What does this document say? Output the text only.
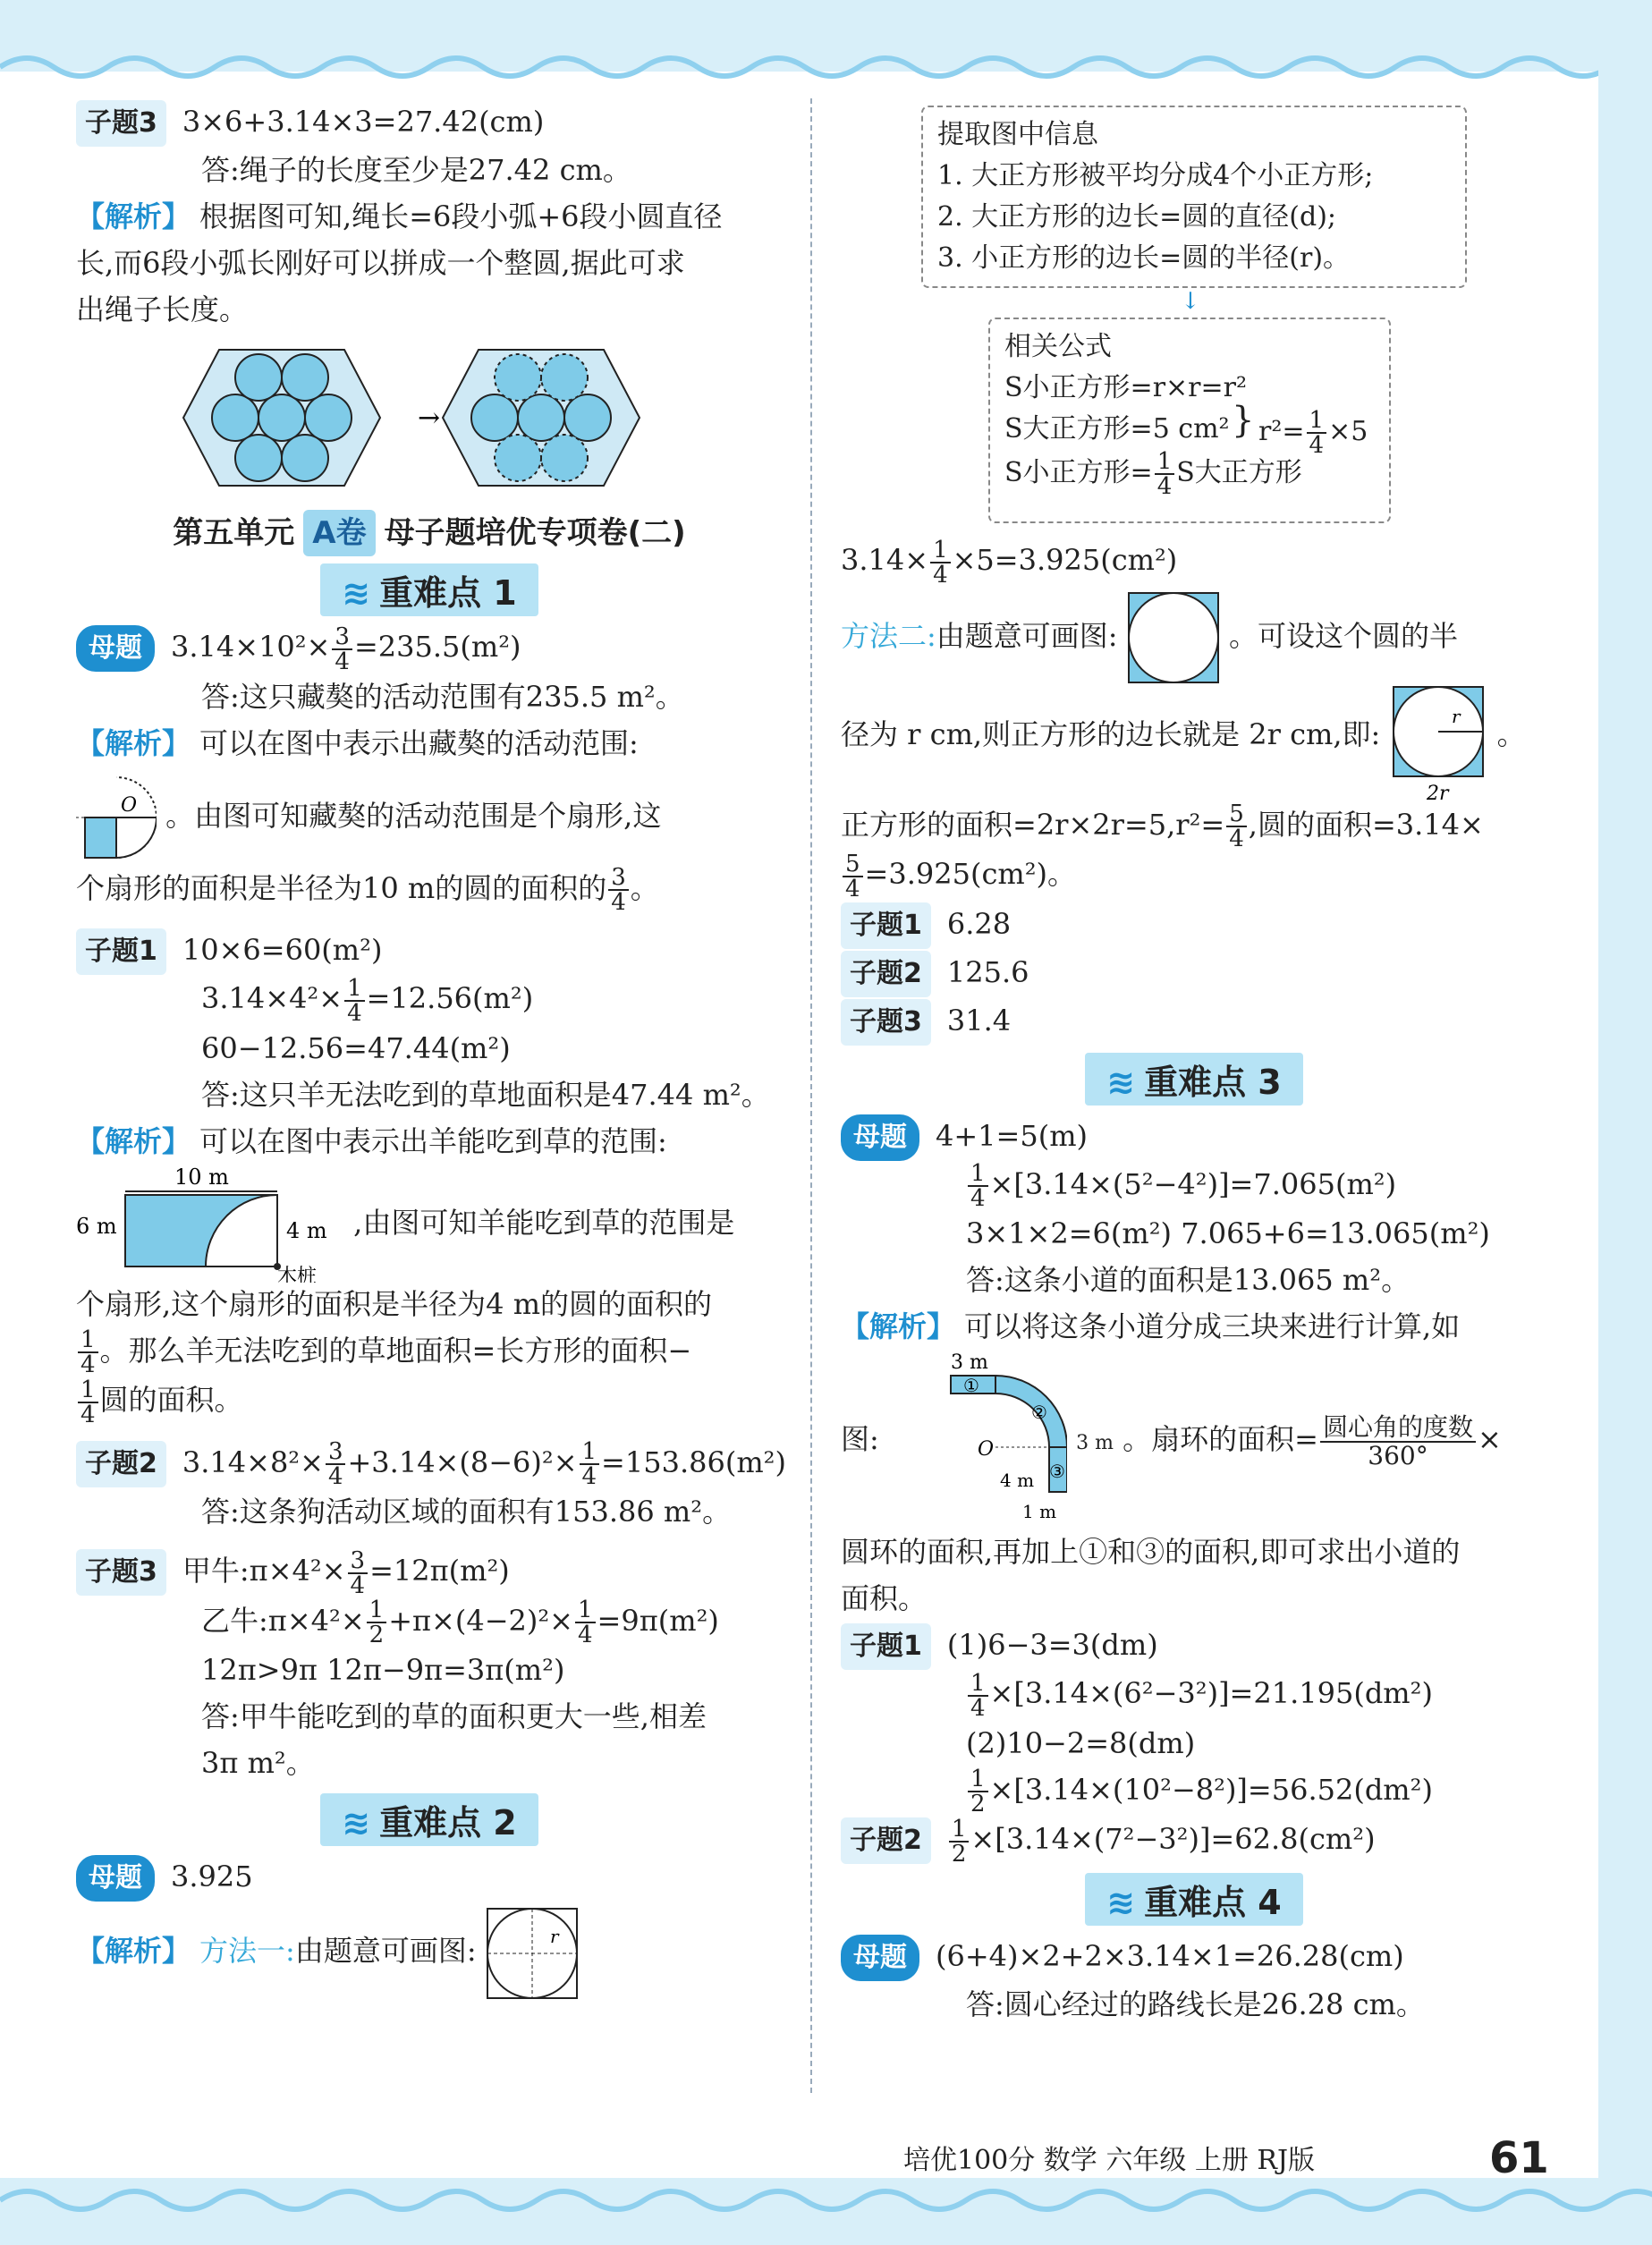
子题3 3×6+3.14×3=27.42(cm)
答:绳子的长度至少是27.42 cm。
【解析】 根据图可知,绳长=6段小弧+6段小圆直径
长,而6段小弧长刚好可以拼成一个整圆,据此可求
出绳子长度。
→
第五单元 A卷 母子题培优专项卷(二)
≋ 重难点 1
母题 $3.14\times 10^2\times \frac{3}{4} =235.5(m^2)$
答:这只藏獒的活动范围有235.5 m²。
【解析】 可以在图中表示出藏獒的活动范围:
O 。由图可知藏獒的活动范围是个扇形,这
个扇形的面积是半径为10 m的圆的面积的 $\frac{3}{4}$ 。
子题1 10×6=60(m²)
$3.14\times 4^2\times \frac{1}{4} =12.56(m^2)$
60−12.56=47.44(m²)
答:这只羊无法吃到的草地面积是47.44 m²。
【解析】 可以在图中表示出羊能吃到草的范围:
10 m
6 m	4 m
木桩
,由图可知羊能吃到草的范围是
个扇形,这个扇形的面积是半径为4 m的圆的面积的
$\frac{1}{4}$ 。那么羊无法吃到的草地面积=长方形的面积−
$\frac{1}{4}$ 圆的面积。
子题2 $3.14\times 8^2\times \frac{3}{4} +3.14\times(8-6)^2\times \frac{1}{4} =153.86(m^2)$
答:这条狗活动区域的面积有153.86 m²。
子题3 甲牛:π×4²× $\frac{3}{4} =12\pi(m^2)$
乙牛:π×4²× $\frac{1}{2} +\pi\times(4-2)^2\times \frac{1}{4} =9\pi(m^2)$
12π>9π 12π−9π=3π(m²)
答:甲牛能吃到的草的面积更大一些,相差
3π m²。
≋ 重难点 2
母题 3.925
【解析】 方法一:由题意可画图:	r
提取图中信息
1. 大正方形被平均分成4个小正方形;
2. 大正方形的边长=圆的直径(d);
3. 小正方形的边长=圆的半径(r)。
↓
相关公式
S小正方形=r×r=r²
S大正方形=5 cm²
S小正方形= $\frac{1}{4}$ S大正方形
} $r^2= \frac{1}{4} \times 5$
$3.14\times \frac{1}{4} \times 5=3.925(cm^2)$
方法二:由题意可画图:	。可设这个圆的半
径为 r cm,则正方形的边长就是 2r cm,即:
r
2r
。
正方形的面积$=2r\times 2r=5,r^2= \frac{5}{4}$ ,圆的面积=3.14×
$\frac{5}{4} =3.925(cm^2)$。
子题1 6.28
子题2 125.6
子题3 31.4
≋ 重难点 3
母题 4+1=5(m)
$\frac{1}{4} \times[3.14\times(5^2-4^2)]=7.065(m^2)$
3×1×2=6(m²) 7.065+6=13.065(m²)
答:这条小道的面积是13.065 m²。
【解析】 可以将这条小道分成三块来进行计算,如
图:
3 m
①
②
③
O
4 m
1 m
3 m 。扇环的面积= $\frac{\text{圆心角的度数}}{360^\circ}$ ×
圆环的面积,再加上①和③的面积,即可求出小道的
面积。
子题1 (1)6−3=3(dm)
$\frac{1}{4} \times[3.14\times(6^2-3^2)]=21.195(dm^2)$
(2)10−2=8(dm)
$\frac{1}{2} \times[3.14\times(10^2-8^2)]=56.52(dm^2)$
子题$2 \frac{1}{2} \times[3.14\times(7^2-3^2)]=62.8(cm^2)$
≋ 重难点 4
母题 (6+4)×2+2×3.14×1=26.28(cm)
答:圆心经过的路线长是26.28 cm。
培优100分 数学 六年级 上册 RJ版	61
